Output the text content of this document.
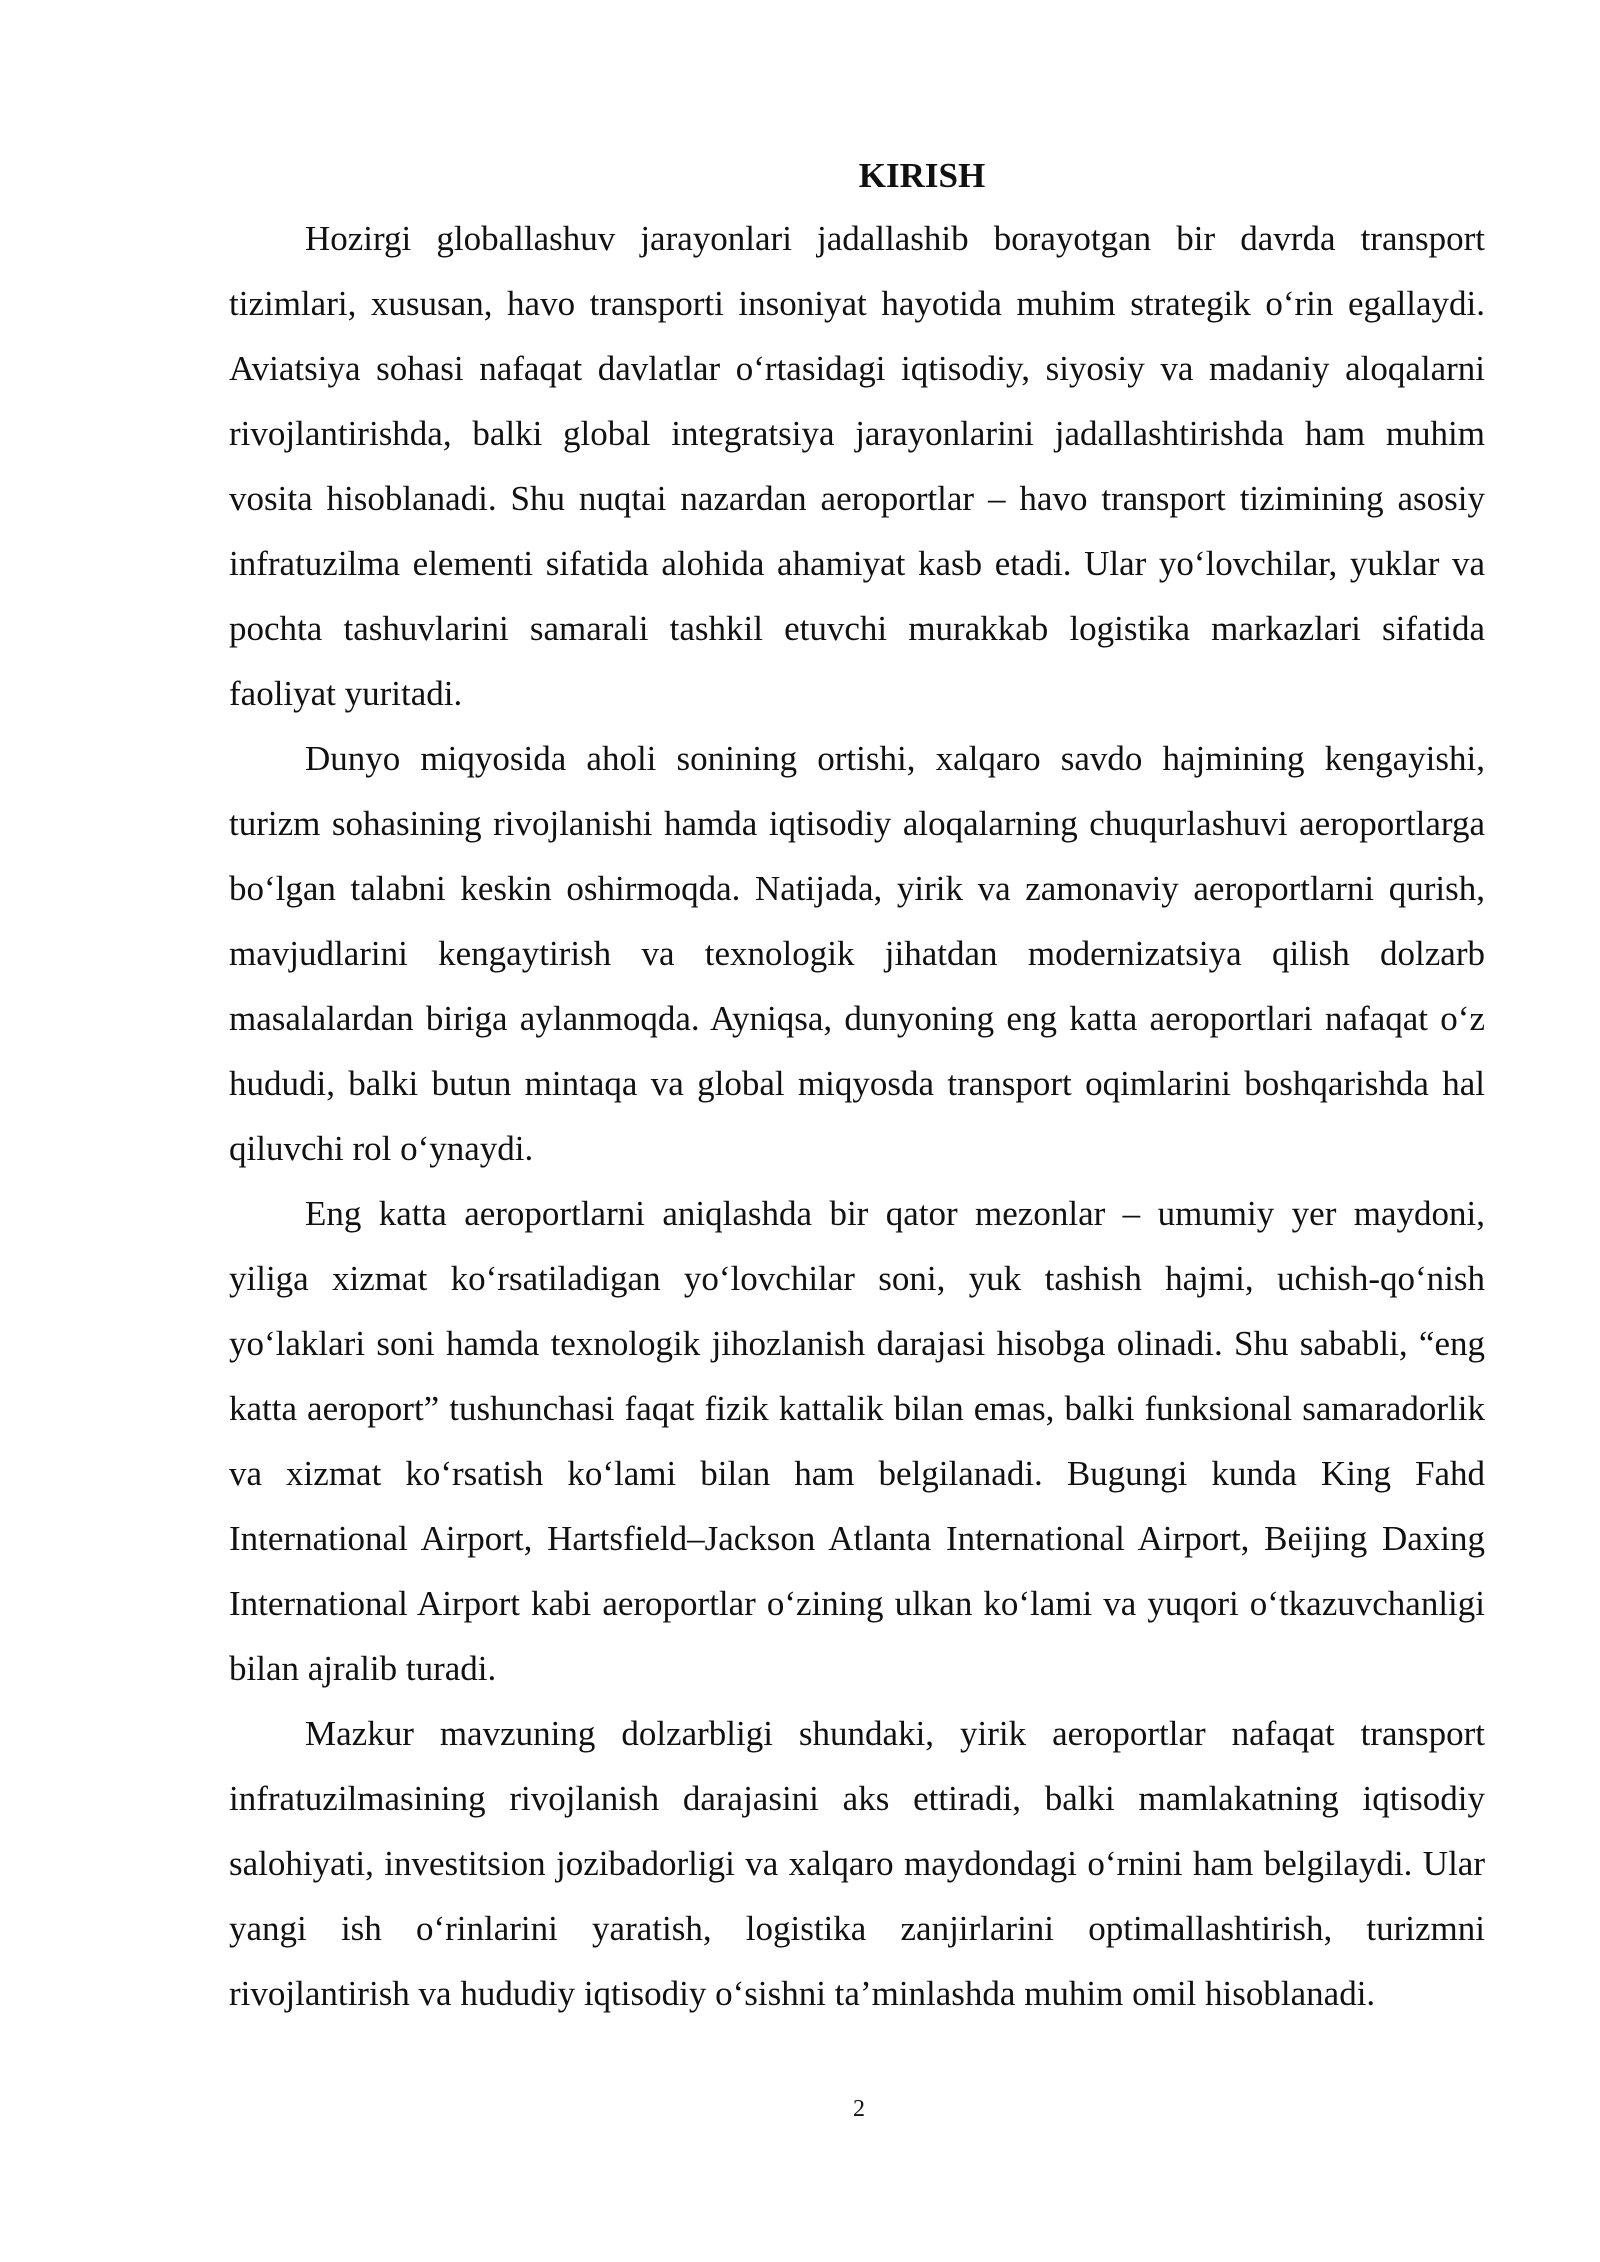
KIRISH

Hozirgi globallashuv jarayonlari jadallashib borayotgan bir davrda transport tizimlari, xususan, havo transporti insoniyat hayotida muhim strategik o‘rin egallaydi. Aviatsiya sohasi nafaqat davlatlar o‘rtasidagi iqtisodiy, siyosiy va madaniy aloqalarni rivojlantirishda, balki global integratsiya jarayonlarini jadallashtirishda ham muhim vosita hisoblanadi. Shu nuqtai nazardan aeroportlar – havo transport tizimining asosiy infratuzilma elementi sifatida alohida ahamiyat kasb etadi. Ular yo‘lovchilar, yuklar va pochta tashuvlarini samarali tashkil etuvchi murakkab logistika markazlari sifatida faoliyat yuritadi.

Dunyo miqyosida aholi sonining ortishi, xalqaro savdo hajmining kengayishi, turizm sohasining rivojlanishi hamda iqtisodiy aloqalarning chuqurlashuvi aeroportlarga bo‘lgan talabni keskin oshirmoqda. Natijada, yirik va zamonaviy aeroportlarni qurish, mavjudlarini kengaytirish va texnologik jihatdan modernizatsiya qilish dolzarb masalalardan biriga aylanmoqda. Ayniqsa, dunyoning eng katta aeroportlari nafaqat o‘z hududi, balki butun mintaqa va global miqyosda transport oqimlarini boshqarishda hal qiluvchi rol o‘ynaydi.

Eng katta aeroportlarni aniqlashda bir qator mezonlar – umumiy yer maydoni, yiliga xizmat ko‘rsatiladigan yo‘lovchilar soni, yuk tashish hajmi, uchish-qo‘nish yo‘laklari soni hamda texnologik jihozlanish darajasi hisobga olinadi. Shu sababli, “eng katta aeroport” tushunchasi faqat fizik kattalik bilan emas, balki funksional samaradorlik va xizmat ko‘rsatish ko‘lami bilan ham belgilanadi. Bugungi kunda King Fahd International Airport, Hartsfield–Jackson Atlanta International Airport, Beijing Daxing International Airport kabi aeroportlar o‘zining ulkan ko‘lami va yuqori o‘tkazuvchanligi bilan ajralib turadi.

Mazkur mavzuning dolzarbligi shundaki, yirik aeroportlar nafaqat transport infratuzilmasining rivojlanish darajasini aks ettiradi, balki mamlakatning iqtisodiy salohiyati, investitsion jozibadorligi va xalqaro maydondagi o‘rnini ham belgilaydi. Ular yangi ish o‘rinlarini yaratish, logistika zanjirlarini optimallashtirish, turizmni rivojlantirish va hududiy iqtisodiy o‘sishni ta’minlashda muhim omil hisoblanadi.

2
